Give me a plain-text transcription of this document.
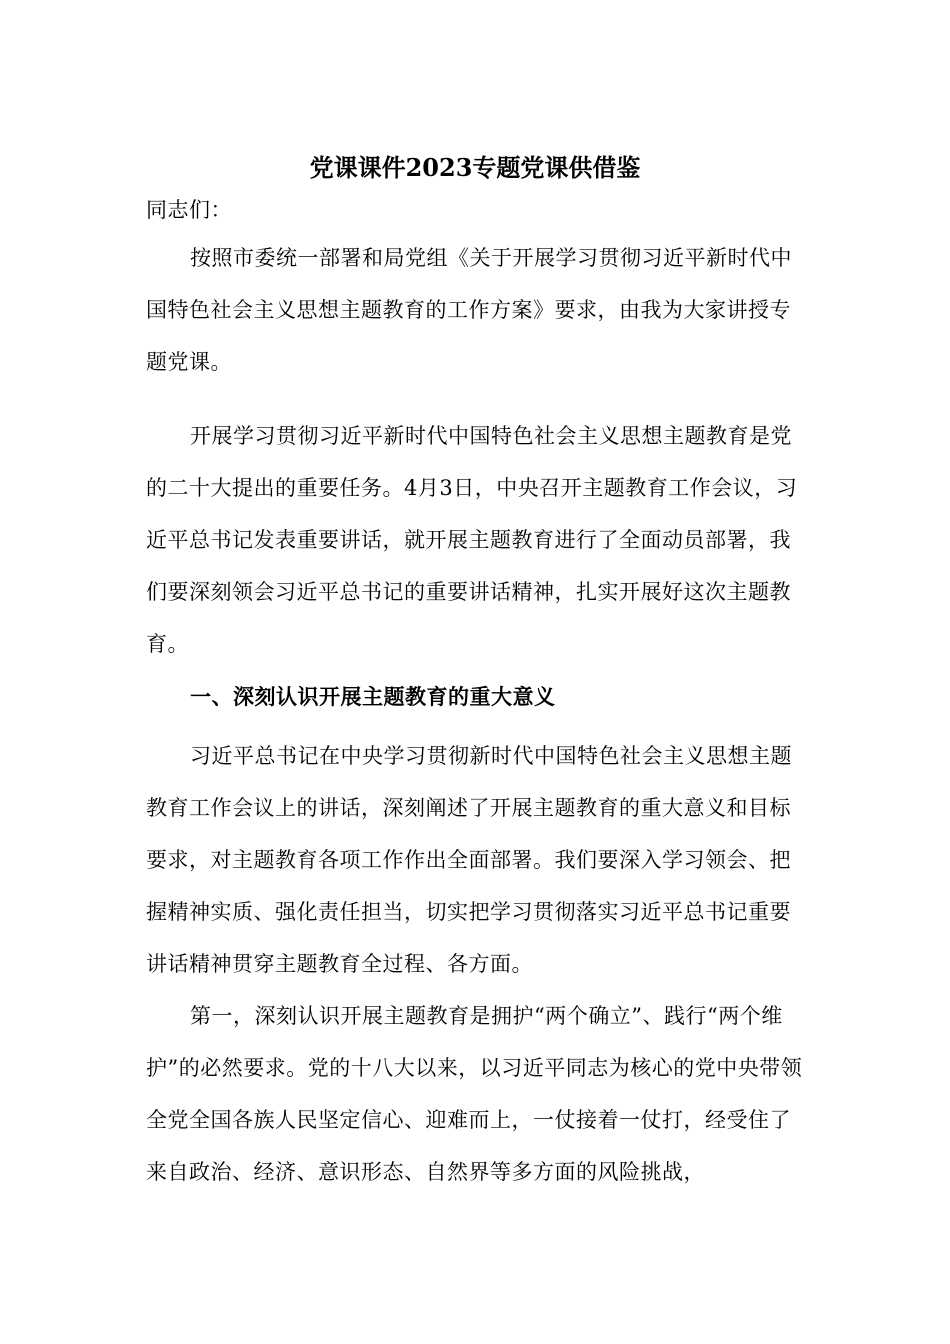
党课课件2023专题党课供借鉴

同志们：

按照市委统一部署和局党组《关于开展学习贯彻习近平新时代中国特色社会主义思想主题教育的工作方案》要求，由我为大家讲授专题党课。

开展学习贯彻习近平新时代中国特色社会主义思想主题教育是党的二十大提出的重要任务。4月3日，中央召开主题教育工作会议，习近平总书记发表重要讲话，就开展主题教育进行了全面动员部署，我们要深刻领会习近平总书记的重要讲话精神，扎实开展好这次主题教育。

一、深刻认识开展主题教育的重大意义

习近平总书记在中央学习贯彻新时代中国特色社会主义思想主题教育工作会议上的讲话，深刻阐述了开展主题教育的重大意义和目标要求，对主题教育各项工作作出全面部署。我们要深入学习领会、把握精神实质、强化责任担当，切实把学习贯彻落实习近平总书记重要讲话精神贯穿主题教育全过程、各方面。

第一，深刻认识开展主题教育是拥护“两个确立”、践行“两个维护”的必然要求。党的十八大以来，以习近平同志为核心的党中央带领全党全国各族人民坚定信心、迎难而上，一仗接着一仗打，经受住了来自政治、经济、意识形态、自然界等多方面的风险挑战，
